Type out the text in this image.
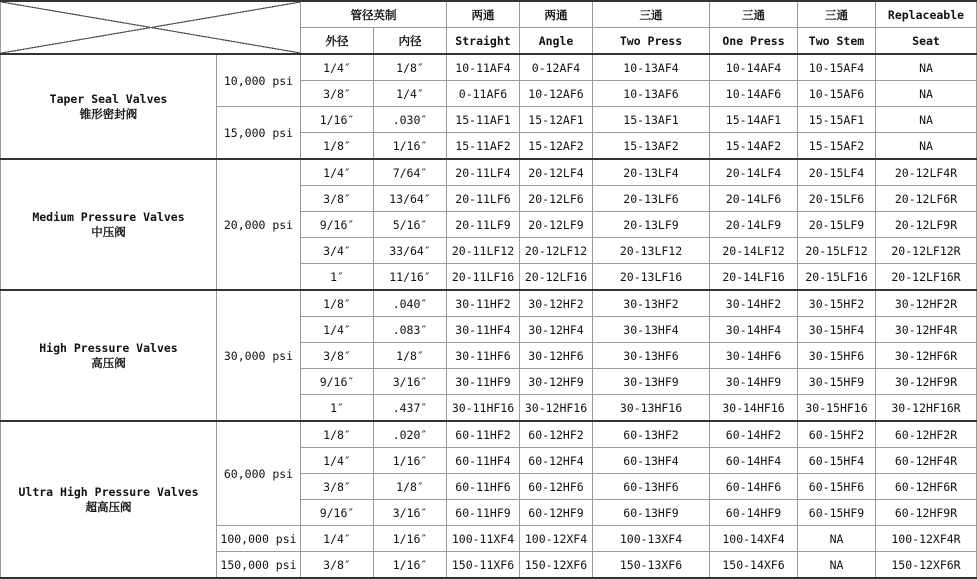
		管径英制		两通	两通	三通	三通	三通	Replaceable
		外径	内径	Straight	Angle	Two Press	One Press	Two Stem	Seat

Taper Seal Valves
锥形密封阀	10,000 psi	1/4″	1/8″	10-11AF4	0-12AF4	10-13AF4	10-14AF4	10-15AF4	NA
		3/8″	1/4″	0-11AF6	10-12AF6	10-13AF6	10-14AF6	10-15AF6	NA
	15,000 psi	1/16″	.030″	15-11AF1	15-12AF1	15-13AF1	15-14AF1	15-15AF1	NA
		1/8″	1/16″	15-11AF2	15-12AF2	15-13AF2	15-14AF2	15-15AF2	NA

Medium Pressure Valves
中压阀	20,000 psi	1/4″	7/64″	20-11LF4	20-12LF4	20-13LF4	20-14LF4	20-15LF4	20-12LF4R
		3/8″	13/64″	20-11LF6	20-12LF6	20-13LF6	20-14LF6	20-15LF6	20-12LF6R
		9/16″	5/16″	20-11LF9	20-12LF9	20-13LF9	20-14LF9	20-15LF9	20-12LF9R
		3/4″	33/64″	20-11LF12	20-12LF12	20-13LF12	20-14LF12	20-15LF12	20-12LF12R
		1″	11/16″	20-11LF16	20-12LF16	20-13LF16	20-14LF16	20-15LF16	20-12LF16R

High Pressure Valves
高压阀	30,000 psi	1/8″	.040″	30-11HF2	30-12HF2	30-13HF2	30-14HF2	30-15HF2	30-12HF2R
		1/4″	.083″	30-11HF4	30-12HF4	30-13HF4	30-14HF4	30-15HF4	30-12HF4R
		3/8″	1/8″	30-11HF6	30-12HF6	30-13HF6	30-14HF6	30-15HF6	30-12HF6R
		9/16″	3/16″	30-11HF9	30-12HF9	30-13HF9	30-14HF9	30-15HF9	30-12HF9R
		1″	.437″	30-11HF16	30-12HF16	30-13HF16	30-14HF16	30-15HF16	30-12HF16R

Ultra High Pressure Valves
超高压阀	60,000 psi	1/8″	.020″	60-11HF2	60-12HF2	60-13HF2	60-14HF2	60-15HF2	60-12HF2R
		1/4″	1/16″	60-11HF4	60-12HF4	60-13HF4	60-14HF4	60-15HF4	60-12HF4R
		3/8″	1/8″	60-11HF6	60-12HF6	60-13HF6	60-14HF6	60-15HF6	60-12HF6R
		9/16″	3/16″	60-11HF9	60-12HF9	60-13HF9	60-14HF9	60-15HF9	60-12HF9R
	100,000 psi	1/4″	1/16″	100-11XF4	100-12XF4	100-13XF4	100-14XF4	NA	100-12XF4R
	150,000 psi	3/8″	1/16″	150-11XF6	150-12XF6	150-13XF6	150-14XF6	NA	150-12XF6R
